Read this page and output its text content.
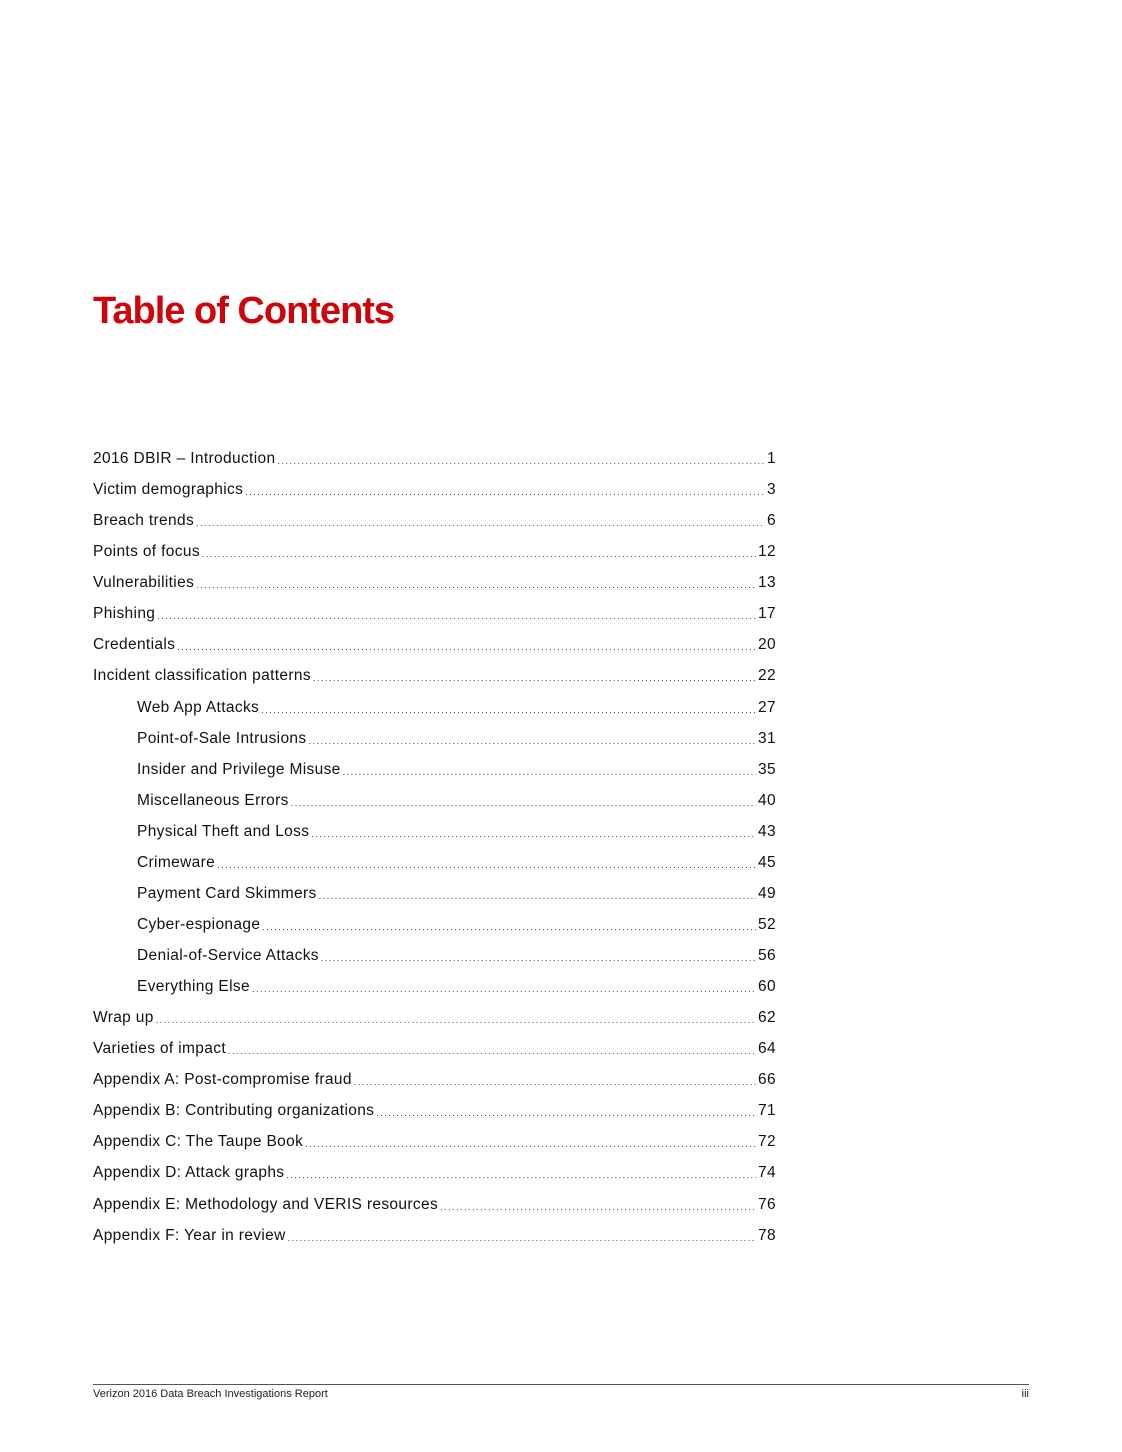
Table of Contents
2016 DBIR – Introduction . . .	1
Victim demographics . . .	3
Breach trends . . .	6
Points of focus . . .	12
Vulnerabilities . . .	13
Phishing . . .	17
Credentials . . .	20
Incident classification patterns . . .	22
Web App Attacks . . .	27
Point-of-Sale Intrusions . . .	31
Insider and Privilege Misuse . . .	35
Miscellaneous Errors . . .	40
Physical Theft and Loss . . .	43
Crimeware . . .	45
Payment Card Skimmers . . .	49
Cyber-espionage . . .	52
Denial-of-Service Attacks . . .	56
Everything Else . . .	60
Wrap up . . .	62
Varieties of impact . . .	64
Appendix A: Post-compromise fraud . . .	66
Appendix B: Contributing organizations . . .	71
Appendix C: The Taupe Book . . .	72
Appendix D: Attack graphs . . .	74
Appendix E: Methodology and VERIS resources . . .	76
Appendix F: Year in review . . .	78
Verizon 2016 Data Breach Investigations Report	iii
